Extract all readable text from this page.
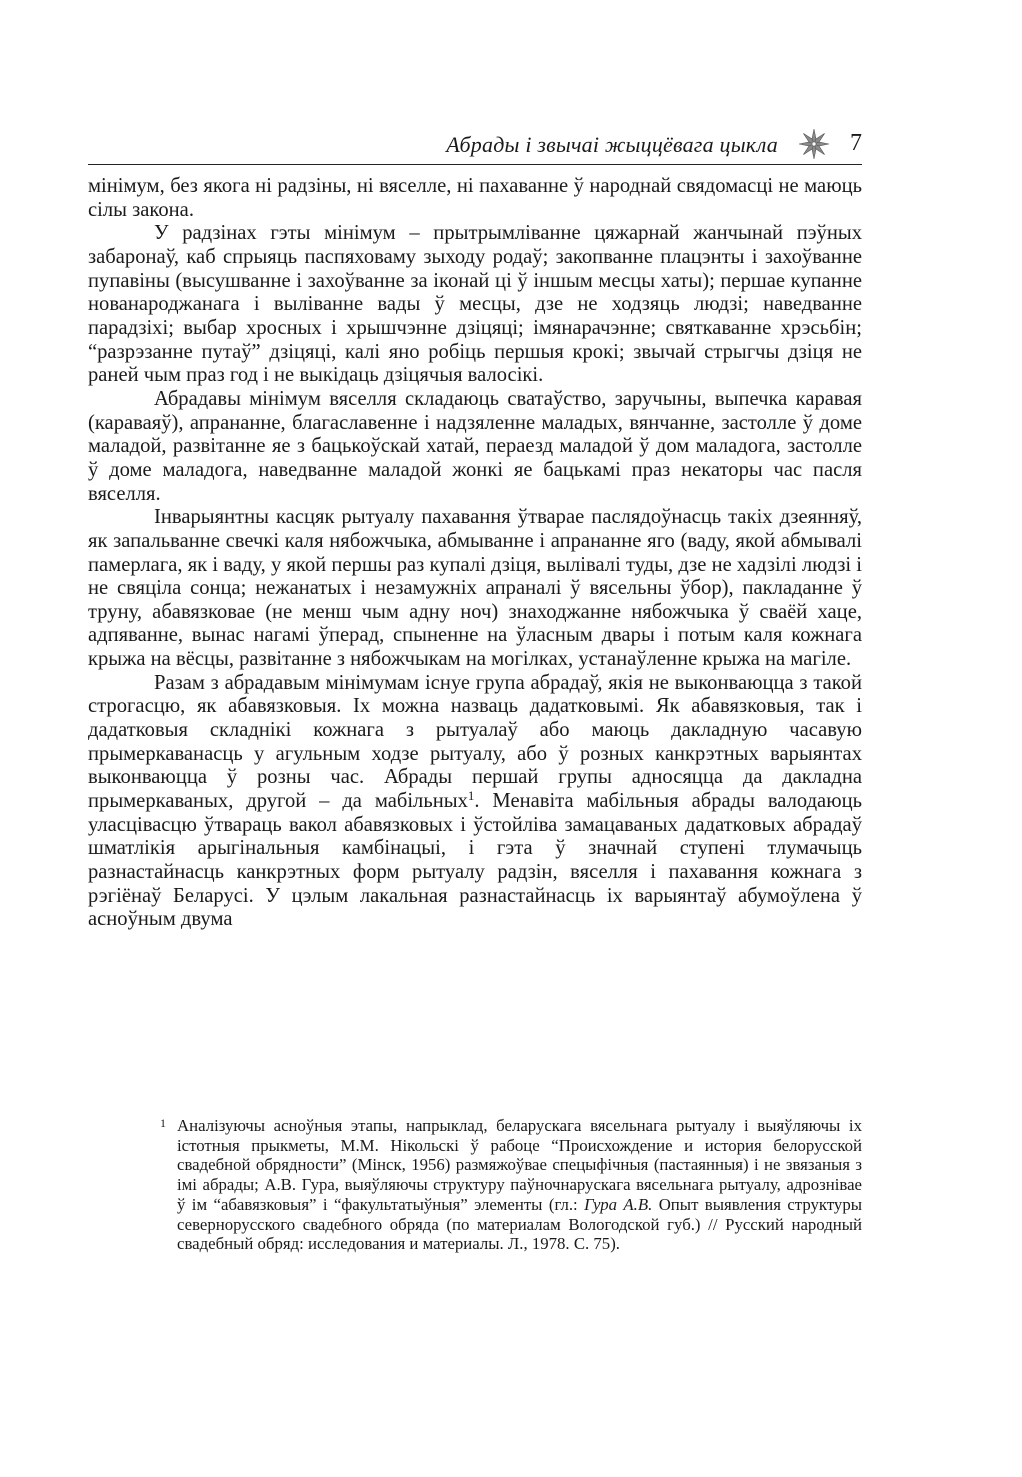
Абрады і звычаі жыццёвага цыкла	7

мінімум, без якога ні радзіны, ні вяселле, ні пахаванне ў народнай свядомасці не маюць сілы закона.

У радзінах гэты мінімум – прытрымліванне цяжарнай жанчынай пэўных забаронаў, каб спрыяць паспяховаму зыходу родаў; закопванне плацэнты і захоўванне пупавіны (высушванне і захоўванне за іконай ці ў іншым месцы хаты); першае купанне нованароджанага і выліванне вады ў месцы, дзе не ходзяць людзі; наведванне парадзіхі; выбар хросных і хрышчэнне дзіцяці; імянарачэнне; святкаванне хрэсьбін; “разрэзанне путаў” дзіцяці, калі яно робіць першыя крокі; звычай стрыгчы дзіця не раней чым праз год і не выкідаць дзіцячыя валосікі.

Абрадавы мінімум вяселля складаюць сватаўство, заручыны, выпечка каравая (караваяў), апрананне, благаславенне і надзяленне маладых, вянчанне, застолле ў доме маладой, развітанне яе з бацькоўскай хатай, пераезд маладой ў дом маладога, застолле ў доме маладога, наведванне маладой жонкі яе бацькамі праз некаторы час пасля вяселля.

Інварыянтны касцяк рытуалу пахавання ўтварае паслядоўнасць такіх дзеянняў, як запальванне свечкі каля нябожчыка, абмыванне і апрананне яго (ваду, якой абмывалі памерлага, як і ваду, у якой першы раз купалі дзіця, вылівалі туды, дзе не хадзілі людзі і не свяціла сонца; нежанатых і незамужніх апраналі ў вясельны ўбор), пакладанне ў труну, абавязковае (не менш чым адну ноч) знаходжанне нябожчыка ў сваёй хаце, адпяванне, вынас нагамі ўперад, спыненне на ўласным двары і потым каля кожнага крыжа на вёсцы, развітанне з нябожчыкам на могілках, устанаўленне крыжа на магіле.

Разам з абрадавым мінімумам існуе група абрадаў, якія не выконваюцца з такой строгасцю, як абавязковыя. Іх можна назваць дадатковымі. Як абавязковыя, так і дадатковыя складнікі кожнага з рытуалаў або маюць дакладную часавую прымеркаванасць у агульным ходзе рытуалу, або ў розных канкрэтных варыянтах выконваюцца ў розны час. Абрады першай групы адносяцца да дакладна прымеркаваных, другой – да мабільных$^1$. Менавіта мабільныя абрады валодаюць уласцівасцю ўтвараць вакол абавязковых і ўстойліва замацаваных дадатковых абрадаў шматлікія арыгінальныя камбінацыі, і гэта ў значнай ступені тлумачыць разнастайнасць канкрэтных форм рытуалу радзін, вяселля і пахавання кожнага з рэгіёнаў Беларусі. У цэлым лакальная разнастайнасць іх варыянтаў абумоўлена ў асноўным двума

1 Аналізуючы асноўныя этапы, напрыклад, беларускага вясельнага рытуалу і выяўляючы іх істотныя прыкметы, М.М. Нікольскі ў рабоце “Происхождение и история белорусской свадебной обрядности” (Мінск, 1956) размяжоўвае спецыфічныя (пастаянныя) і не звязаныя з імі абрады; А.В. Гура, выяўляючы структуру паўночнарускага вясельнага рытуалу, адрознівае ў ім “абавязковыя” і “факультатыўныя” элементы (гл.: Гура А.В. Опыт выявления структуры севернорусского свадебного обряда (по материалам Вологодской губ.) // Русский народный свадебный обряд: исследования и материалы. Л., 1978. С. 75).
